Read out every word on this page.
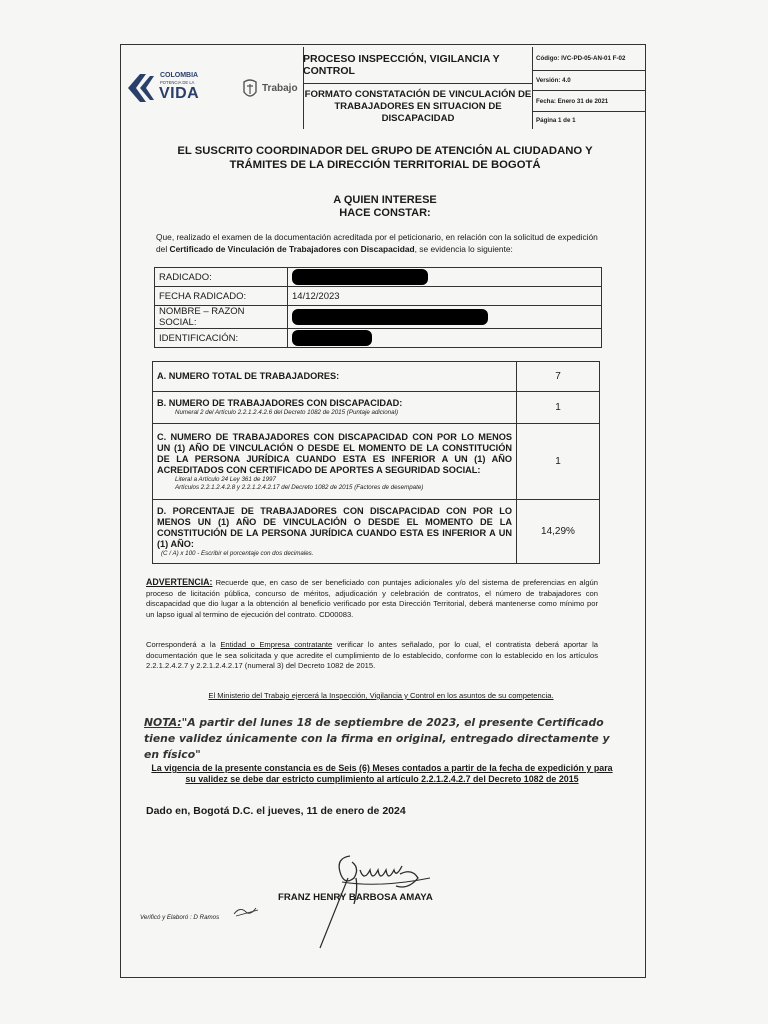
COLOMBIA
POTENCIA DE LA
VIDA	Trabajo
PROCESO INSPECCIÓN, VIGILANCIA Y CONTROL
FORMATO CONSTATACIÓN DE VINCULACIÓN DE TRABAJADORES EN SITUACION DE DISCAPACIDAD
Código: IVC-PD-05-AN-01 F-02
Versión: 4.0
Fecha: Enero 31 de 2021
Página 1 de 1
EL SUSCRITO COORDINADOR DEL GRUPO DE ATENCIÓN AL CIUDADANO Y TRÁMITES DE LA DIRECCIÓN TERRITORIAL DE BOGOTÁ
A QUIEN INTERESE
HACE CONSTAR:
Que, realizado el examen de la documentación acreditada por el peticionario, en relación con la solicitud de expedición del Certificado de Vinculación de Trabajadores con Discapacidad, se evidencia lo siguiente:
RADICADO:	

FECHA RADICADO:	14/12/2023
NOMBRE – RAZON SOCIAL:	

IDENTIFICACIÓN:	
A. NUMERO TOTAL DE TRABAJADORES:	7
B. NUMERO DE TRABAJADORES CON DISCAPACIDAD:
Numeral 2 del Artículo 2.2.1.2.4.2.6 del Decreto 1082 de 2015 (Puntaje adicional)	1
C. NUMERO DE TRABAJADORES CON DISCAPACIDAD CON POR LO MENOS UN (1) AÑO DE VINCULACIÓN O DESDE EL MOMENTO DE LA CONSTITUCIÓN DE LA PERSONA JURÍDICA CUANDO ESTA ES INFERIOR A UN (1) AÑO ACREDITADOS CON CERTIFICADO DE APORTES A SEGURIDAD SOCIAL:
Literal a Artículo 24 Ley 361 de 1997
Artículos 2.2.1.2.4.2.8 y 2.2.1.2.4.2.17 del Decreto 1082 de 2015 (Factores de desempate)	1
D. PORCENTAJE DE TRABAJADORES CON DISCAPACIDAD CON POR LO MENOS UN (1) AÑO DE VINCULACIÓN O DESDE EL MOMENTO DE LA CONSTITUCIÓN DE LA PERSONA JURÍDICA CUANDO ESTA ES INFERIOR A UN (1) AÑO:
(C / A) x 100 - Escribir el porcentaje con dos decimales.	14,29%
ADVERTENCIA: Recuerde que, en caso de ser beneficiado con puntajes adicionales y/o del sistema de preferencias en algún proceso de licitación pública, concurso de méritos, adjudicación y celebración de contratos, el número de trabajadores con discapacidad que dio lugar a la obtención al beneficio verificado por esta Dirección Territorial, deberá mantenerse como mínimo por un lapso igual al termino de ejecución del contrato. CD00083.
Corresponderá a la Entidad o Empresa contratante verificar lo antes señalado, por lo cual, el contratista deberá aportar la documentación que le sea solicitada y que acredite el cumplimiento de lo establecido, conforme con lo establecido en los artículos 2.2.1.2.4.2.7 y 2.2.1.2.4.2.17 (numeral 3) del Decreto 1082 de 2015.
El Ministerio del Trabajo ejercerá la Inspección, Vigilancia y Control en los asuntos de su competencia.
NOTA:"A partir del lunes 18 de septiembre de 2023, el presente Certificado tiene validez únicamente con la firma en original, entregado directamente y en físico"
La vigencia de la presente constancia es de Seis (6) Meses contados a partir de la fecha de expedición y para su validez se debe dar estricto cumplimiento al artículo 2.2.1.2.4.2.7 del Decreto 1082 de 2015
Dado en, Bogotá D.C. el jueves, 11 de enero de 2024
FRANZ HENRY BARBOSA AMAYA
Verificó y Elaboró : D Ramos
